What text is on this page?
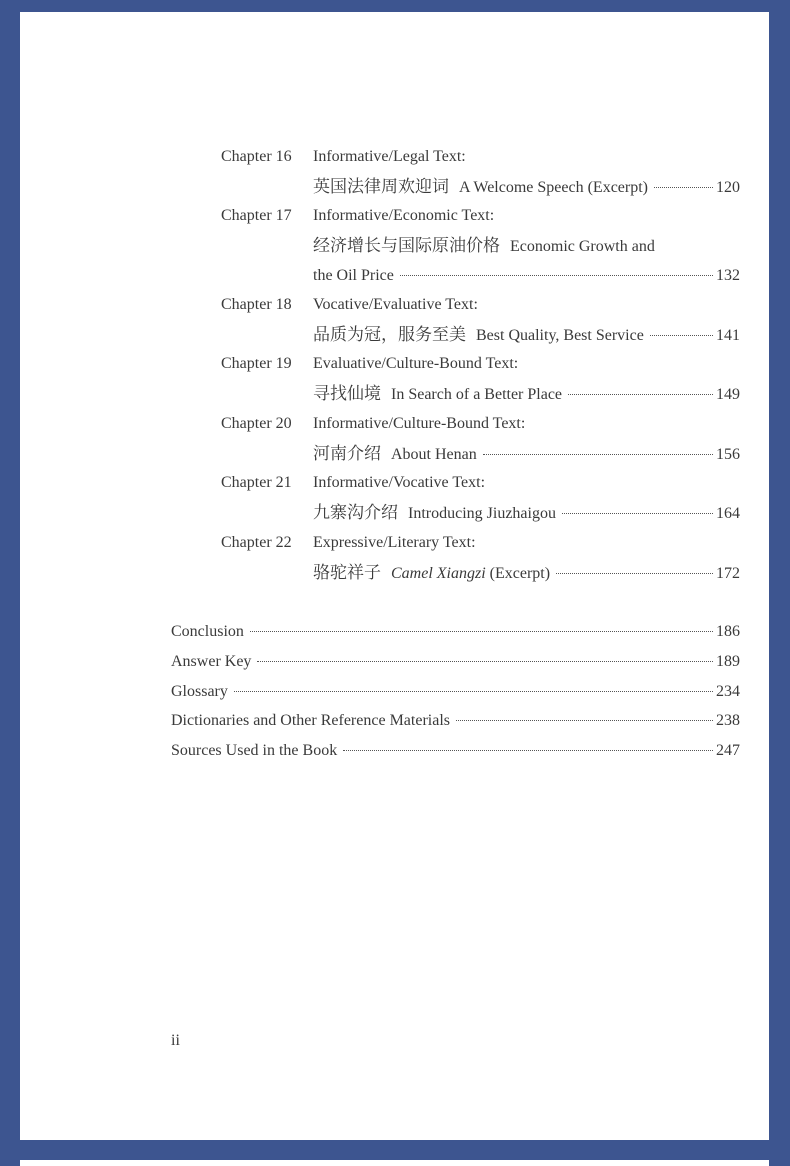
Chapter 16 Informative/Legal Text:
英国法律周欢迎词 A Welcome Speech (Excerpt)	120
Chapter 17 Informative/Economic Text:
经济增长与国际原油价格 Economic Growth and
the Oil Price	132
Chapter 18 Vocative/Evaluative Text:
品质为冠，服务至美 Best Quality, Best Service	141
Chapter 19 Evaluative/Culture-Bound Text:
寻找仙境 In Search of a Better Place	149
Chapter 20 Informative/Culture-Bound Text:
河南介绍 About Henan	156
Chapter 21 Informative/Vocative Text:
九寨沟介绍 Introducing Jiuzhaigou	164
Chapter 22 Expressive/Literary Text:
骆驼祥子 Camel Xiangzi (Excerpt)	172
Conclusion	186
Answer Key	189
Glossary	234
Dictionaries and Other Reference Materials	238
Sources Used in the Book	247
ii
